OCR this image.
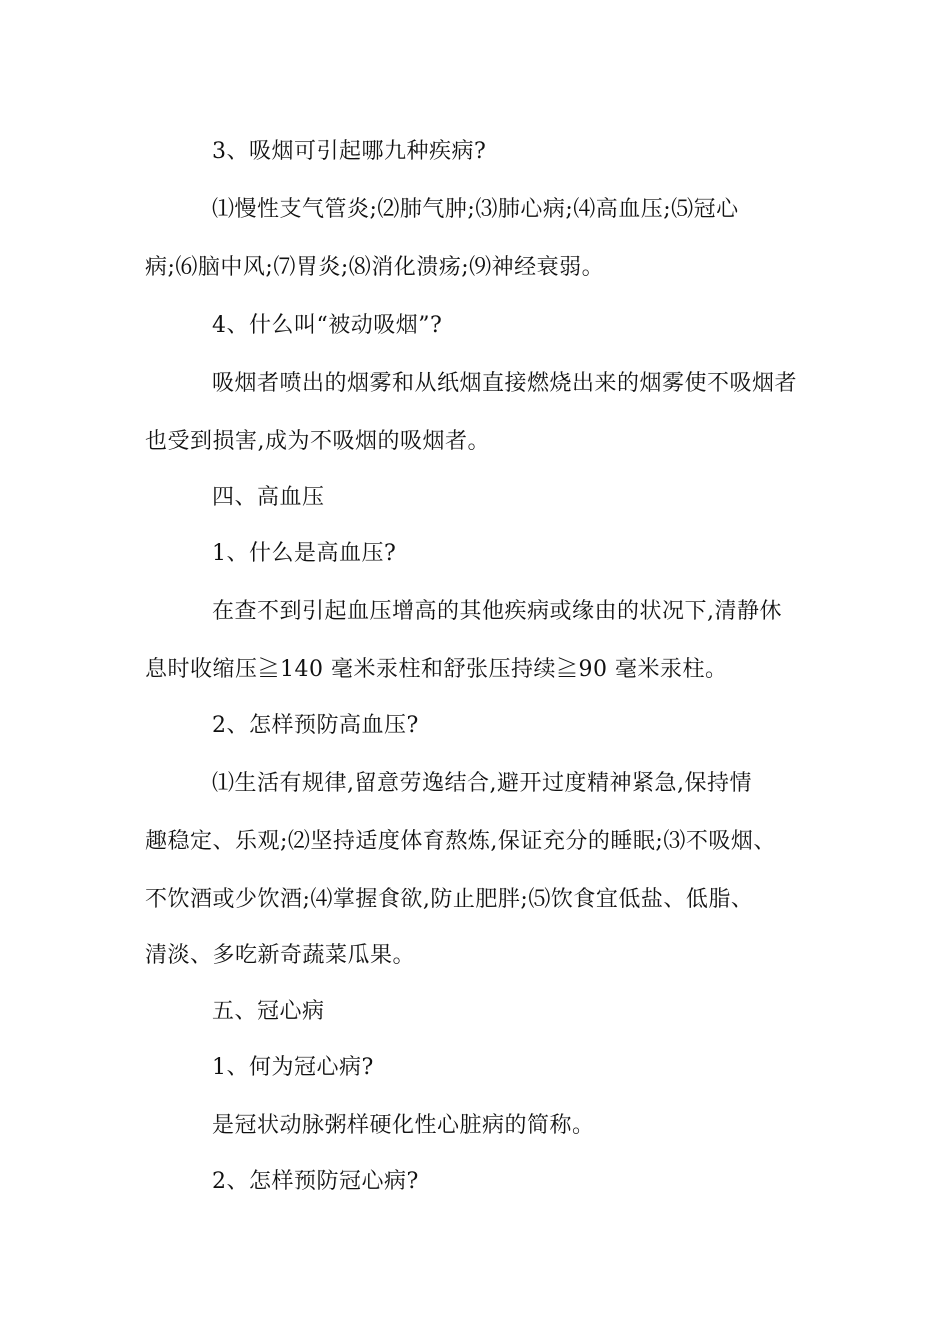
3、吸烟可引起哪九种疾病?
⑴慢性支气管炎;⑵肺气肿;⑶肺心病;⑷高血压;⑸冠心
病;⑹脑中风;⑺胃炎;⑻消化溃疡;⑼神经衰弱。
4、什么叫“被动吸烟”?
吸烟者喷出的烟雾和从纸烟直接燃烧出来的烟雾使不吸烟者
也受到损害,成为不吸烟的吸烟者。
四、高血压
1、什么是高血压?
在查不到引起血压增高的其他疾病或缘由的状况下,清静休
息时收缩压≧140 毫米汞柱和舒张压持续≧90 毫米汞柱。
2、怎样预防高血压?
⑴生活有规律,留意劳逸结合,避开过度精神紧急,保持情
趣稳定、乐观;⑵坚持适度体育熬炼,保证充分的睡眠;⑶不吸烟、
不饮酒或少饮酒;⑷掌握食欲,防止肥胖;⑸饮食宜低盐、低脂、
清淡、多吃新奇蔬菜瓜果。
五、冠心病
1、何为冠心病?
是冠状动脉粥样硬化性心脏病的简称。
2、怎样预防冠心病?
